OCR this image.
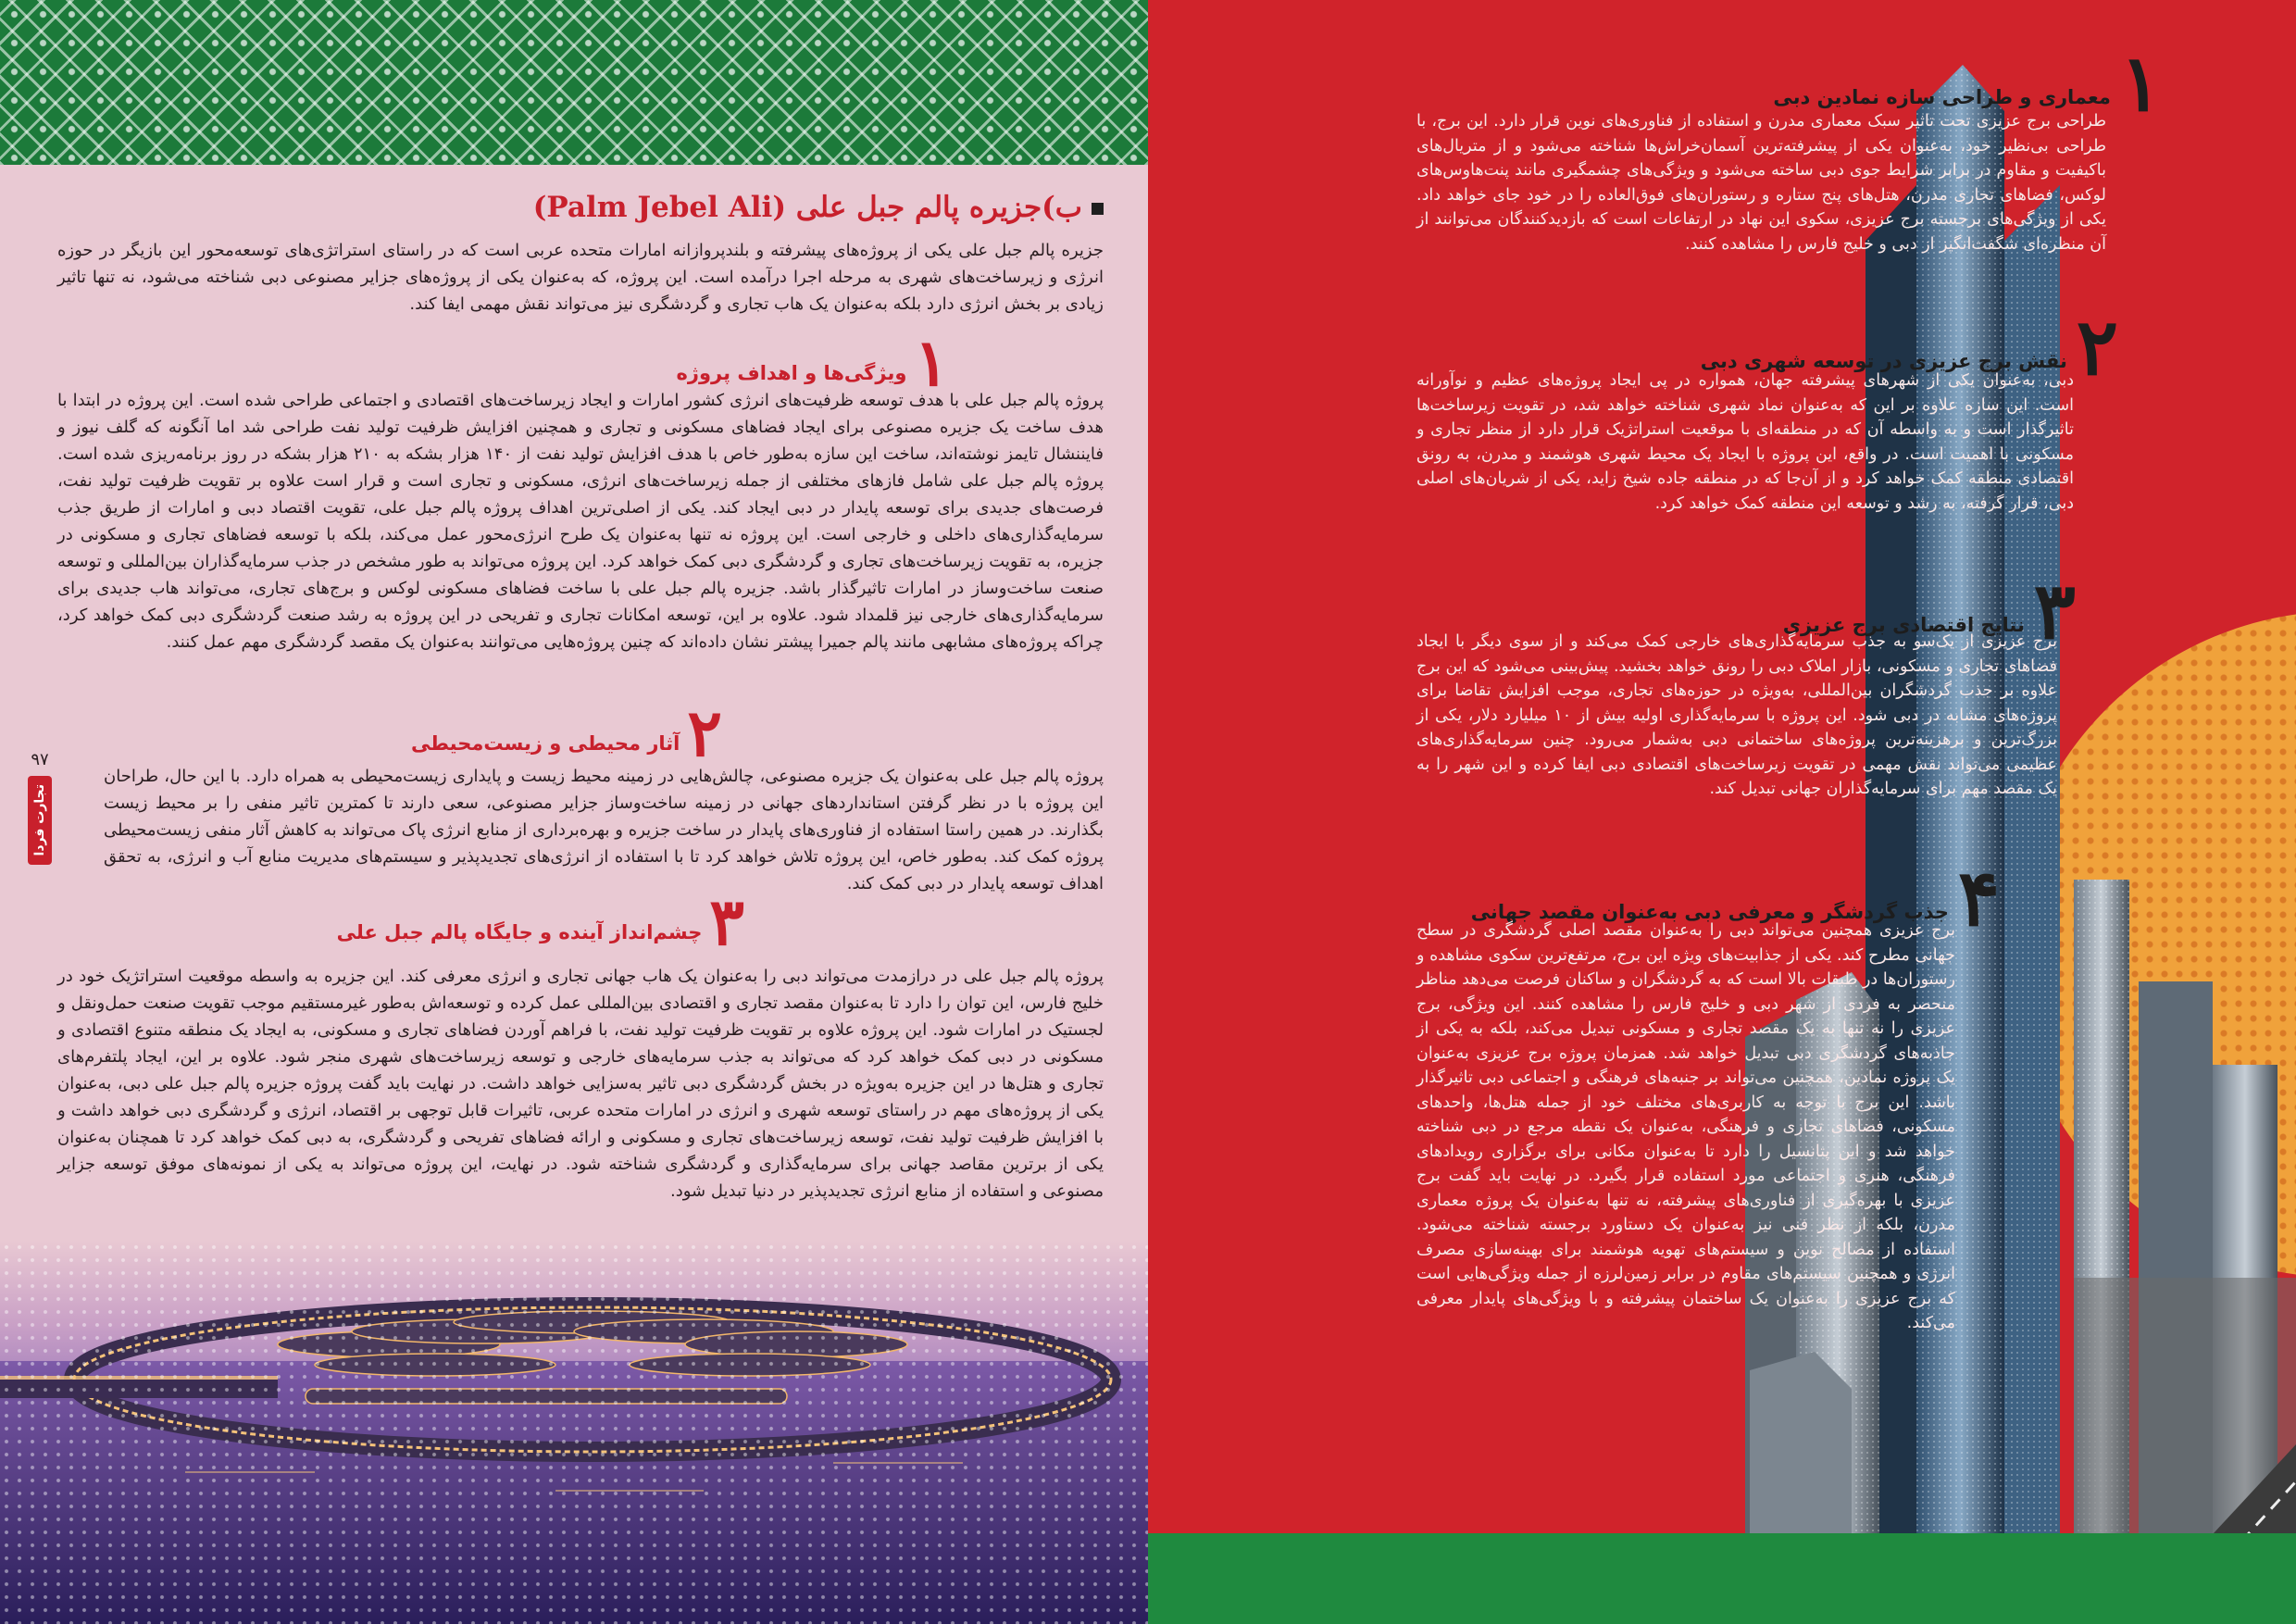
ب)جزیره پالم جبل علی (Palm Jebel Ali)

جزیره پالم جبل علی یکی از پروژه‌های پیشرفته و بلندپروازانه امارات متحده عربی است که در راستای استراتژی‌های توسعه‌محور این بازیگر در حوزه انرژی و زیرساخت‌های شهری به مرحله اجرا درآمده است. این پروژه، که به‌عنوان یکی از پروژه‌های جزایر مصنوعی دبی شناخته می‌شود، نه تنها تاثیر زیادی بر بخش انرژی دارد بلکه به‌عنوان یک هاب تجاری و گردشگری نیز می‌تواند نقش مهمی ایفا کند.

۱
ویژگی‌ها و اهداف پروژه

پروژه پالم جبل علی با هدف توسعه ظرفیت‌های انرژی کشور امارات و ایجاد زیرساخت‌های اقتصادی و اجتماعی طراحی شده است. این پروژه در ابتدا با هدف ساخت یک جزیره مصنوعی برای ایجاد فضاهای مسکونی و تجاری و همچنین افزایش ظرفیت تولید نفت طراحی شد اما آنگونه که گلف نیوز و فایننشال تایمز نوشته‌اند، ساخت این سازه به‌طور خاص با هدف افزایش تولید نفت از ۱۴۰ هزار بشکه به ۲۱۰ هزار بشکه در روز برنامه‌ریزی شده است. پروژه پالم جبل علی شامل فازهای مختلفی از جمله زیرساخت‌های انرژی، مسکونی و تجاری است و قرار است علاوه بر تقویت ظرفیت تولید نفت، فرصت‌های جدیدی برای توسعه پایدار در دبی ایجاد کند. یکی از اصلی‌ترین اهداف پروژه پالم جبل علی، تقویت اقتصاد دبی و امارات از طریق جذب سرمایه‌گذاری‌های داخلی و خارجی است. این پروژه نه تنها به‌عنوان یک طرح انرژی‌محور عمل می‌کند، بلکه با توسعه فضاهای تجاری و مسکونی در جزیره، به تقویت زیرساخت‌های تجاری و گردشگری دبی کمک خواهد کرد. این پروژه می‌تواند به طور مشخص در جذب سرمایه‌گذاران بین‌المللی و توسعه صنعت ساخت‌وساز در امارات تاثیرگذار باشد. جزیره پالم جبل علی با ساخت فضاهای مسکونی لوکس و برج‌های تجاری، می‌تواند هاب جدیدی برای سرمایه‌گذاری‌های خارجی نیز قلمداد شود. علاوه بر این، توسعه امکانات تجاری و تفریحی در این پروژه به رشد صنعت گردشگری دبی کمک خواهد کرد، چراکه پروژه‌های مشابهی مانند پالم جمیرا پیشتر نشان داده‌اند که چنین پروژه‌هایی می‌توانند به‌عنوان یک مقصد گردشگری مهم عمل کنند.

۲
آثار محیطی و زیست‌محیطی

پروژه پالم جبل علی به‌عنوان یک جزیره مصنوعی، چالش‌هایی در زمینه محیط زیست و پایداری زیست‌محیطی به همراه دارد. با این حال، طراحان این پروژه با در نظر گرفتن استانداردهای جهانی در زمینه ساخت‌وساز جزایر مصنوعی، سعی دارند تا کمترین تاثیر منفی را بر محیط زیست بگذارند. در همین راستا استفاده از فناوری‌های پایدار در ساخت جزیره و بهره‌برداری از منابع انرژی پاک می‌تواند به کاهش آثار منفی زیست‌محیطی پروژه کمک کند. به‌طور خاص، این پروژه تلاش خواهد کرد تا با استفاده از انرژی‌های تجدیدپذیر و سیستم‌های مدیریت منابع آب و انرژی، به تحقق اهداف توسعه پایدار در دبی کمک کند.

۳
چشم‌انداز آینده و جایگاه پالم جبل علی

پروژه پالم جبل علی در درازمدت می‌تواند دبی را به‌عنوان یک هاب جهانی تجاری و انرژی معرفی کند. این جزیره به واسطه موقعیت استراتژیک خود در خلیج فارس، این توان را دارد تا به‌عنوان مقصد تجاری و اقتصادی بین‌المللی عمل کرده و توسعه‌اش به‌طور غیرمستقیم موجب تقویت صنعت حمل‌ونقل و لجستیک در امارات شود. این پروژه علاوه بر تقویت ظرفیت تولید نفت، با فراهم آوردن فضاهای تجاری و مسکونی، به ایجاد یک منطقه متنوع اقتصادی و مسکونی در دبی کمک خواهد کرد که می‌تواند به جذب سرمایه‌های خارجی و توسعه زیرساخت‌های شهری منجر شود. علاوه بر این، ایجاد پلتفرم‌های تجاری و هتل‌ها در این جزیره به‌ویژه در بخش گردشگری دبی تاثیر به‌سزایی خواهد داشت. در نهایت باید گفت پروژه جزیره پالم جبل علی دبی، به‌عنوان یکی از پروژه‌های مهم در راستای توسعه شهری و انرژی در امارات متحده عربی، تاثیرات قابل توجهی بر اقتصاد، انرژی و گردشگری دبی خواهد داشت و با افزایش ظرفیت تولید نفت، توسعه زیرساخت‌های تجاری و مسکونی و ارائه فضاهای تفریحی و گردشگری، به دبی کمک خواهد کرد تا همچنان به‌عنوان یکی از برترین مقاصد جهانی برای سرمایه‌گذاری و گردشگری شناخته شود. در نهایت، این پروژه می‌تواند به یکی از نمونه‌های موفق توسعه جزایر مصنوعی و استفاده از منابع انرژی تجدیدپذیر در دنیا تبدیل شود.

۹۷
تجارت فردا
۱
معماری و طراحی سازه نمادین دبی

طراحی برج عزیزی تحت تاثیر سبک معماری مدرن و استفاده از فناوری‌های نوین قرار دارد. این برج، با طراحی بی‌نظیر خود، به‌عنوان یکی از پیشرفته‌ترین آسمان‌خراش‌ها شناخته می‌شود و از متریال‌های باکیفیت و مقاوم در برابر شرایط جوی دبی ساخته می‌شود و ویژگی‌های چشمگیری مانند پنت‌هاوس‌های لوکس، فضاهای تجاری مدرن، هتل‌های پنج ستاره و رستوران‌های فوق‌العاده را در خود جای خواهد داد. یکی از ویژگی‌های برجسته برج عزیزی، سکوی این نهاد در ارتفاعات است که بازدیدکنندگان می‌توانند از آن منظره‌ای شگفت‌انگیز از دبی و خلیج فارس را مشاهده کنند.

۲
نقش برج عزیزی در توسعه شهری دبی

دبی، به‌عنوان یکی از شهرهای پیشرفته جهان، همواره در پی ایجاد پروژه‌های عظیم و نوآورانه است. این سازه علاوه بر این که به‌عنوان نماد شهری شناخته خواهد شد، در تقویت زیرساخت‌ها تاثیرگذار است و به واسطه آن که در منطقه‌ای با موقعیت استراتژیک قرار دارد از منظر تجاری و مسکونی با اهمیت است. در واقع، این پروژه با ایجاد یک محیط شهری هوشمند و مدرن، به رونق اقتصادی منطقه کمک خواهد کرد و از آن‌جا که در منطقه جاده شیخ زاید، یکی از شریان‌های اصلی دبی، قرار گرفته، به رشد و توسعه این منطقه کمک خواهد کرد.

۳
نتایج اقتصادی برج عزیزی

برج عزیزی از یک‌سو به جذب سرمایه‌گذاری‌های خارجی کمک می‌کند و از سوی دیگر با ایجاد فضاهای تجاری و مسکونی، بازار املاک دبی را رونق خواهد بخشید. پیش‌بینی می‌شود که این برج علاوه بر جذب گردشگران بین‌المللی، به‌ویژه در حوزه‌های تجاری، موجب افزایش تقاضا برای پروژه‌های مشابه در دبی شود. این پروژه با سرمایه‌گذاری اولیه بیش از ۱۰ میلیارد دلار، یکی از بزرگ‌ترین و برهزینه‌ترین پروژه‌های ساختمانی دبی به‌شمار می‌رود. چنین سرمایه‌گذاری‌های عظیمی می‌تواند نقش مهمی در تقویت زیرساخت‌های اقتصادی دبی ایفا کرده و این شهر را به یک مقصد مهم برای سرمایه‌گذاران جهانی تبدیل کند.

۴
جذب گردشگر و معرفی دبی به‌عنوان مقصد جهانی

برج عزیزی همچنین می‌تواند دبی را به‌عنوان مقصد اصلی گردشگری در سطح جهانی مطرح کند. یکی از جذابیت‌های ویژه این برج، مرتفع‌ترین سکوی مشاهده و رستوران‌ها در طبقات بالا است که به گردشگران و ساکنان فرصت می‌دهد مناظر منحصر به فردی از شهر دبی و خلیج فارس را مشاهده کنند. این ویژگی، برج عزیزی را نه تنها به یک مقصد تجاری و مسکونی تبدیل می‌کند، بلکه به یکی از جاذبه‌های گردشگری دبی تبدیل خواهد شد. همزمان پروژه برج عزیزی به‌عنوان یک پروژه نمادین، همچنین می‌تواند بر جنبه‌های فرهنگی و اجتماعی دبی تاثیرگذار باشد. این برج با توجه به کاربری‌های مختلف خود از جمله هتل‌ها، واحدهای مسکونی، فضاهای تجاری و فرهنگی، به‌عنوان یک نقطه مرجع در دبی شناخته خواهد شد و این پتانسیل را دارد تا به‌عنوان مکانی برای برگزاری رویدادهای فرهنگی، هنری و اجتماعی مورد استفاده قرار بگیرد. در نهایت باید گفت برج عزیزی با بهره‌گیری از فناوری‌های پیشرفته، نه تنها به‌عنوان یک پروژه معماری مدرن، بلکه از نظر فنی نیز به‌عنوان یک دستاورد برجسته شناخته می‌شود. استفاده از مصالح نوین و سیستم‌های تهویه هوشمند برای بهینه‌سازی مصرف انرژی و همچنین سیستم‌های مقاوم در برابر زمین‌لرزه از جمله ویژگی‌هایی است که برج عزیزی را به‌عنوان یک ساختمان پیشرفته و با ویژگی‌های پایدار معرفی می‌کند.
